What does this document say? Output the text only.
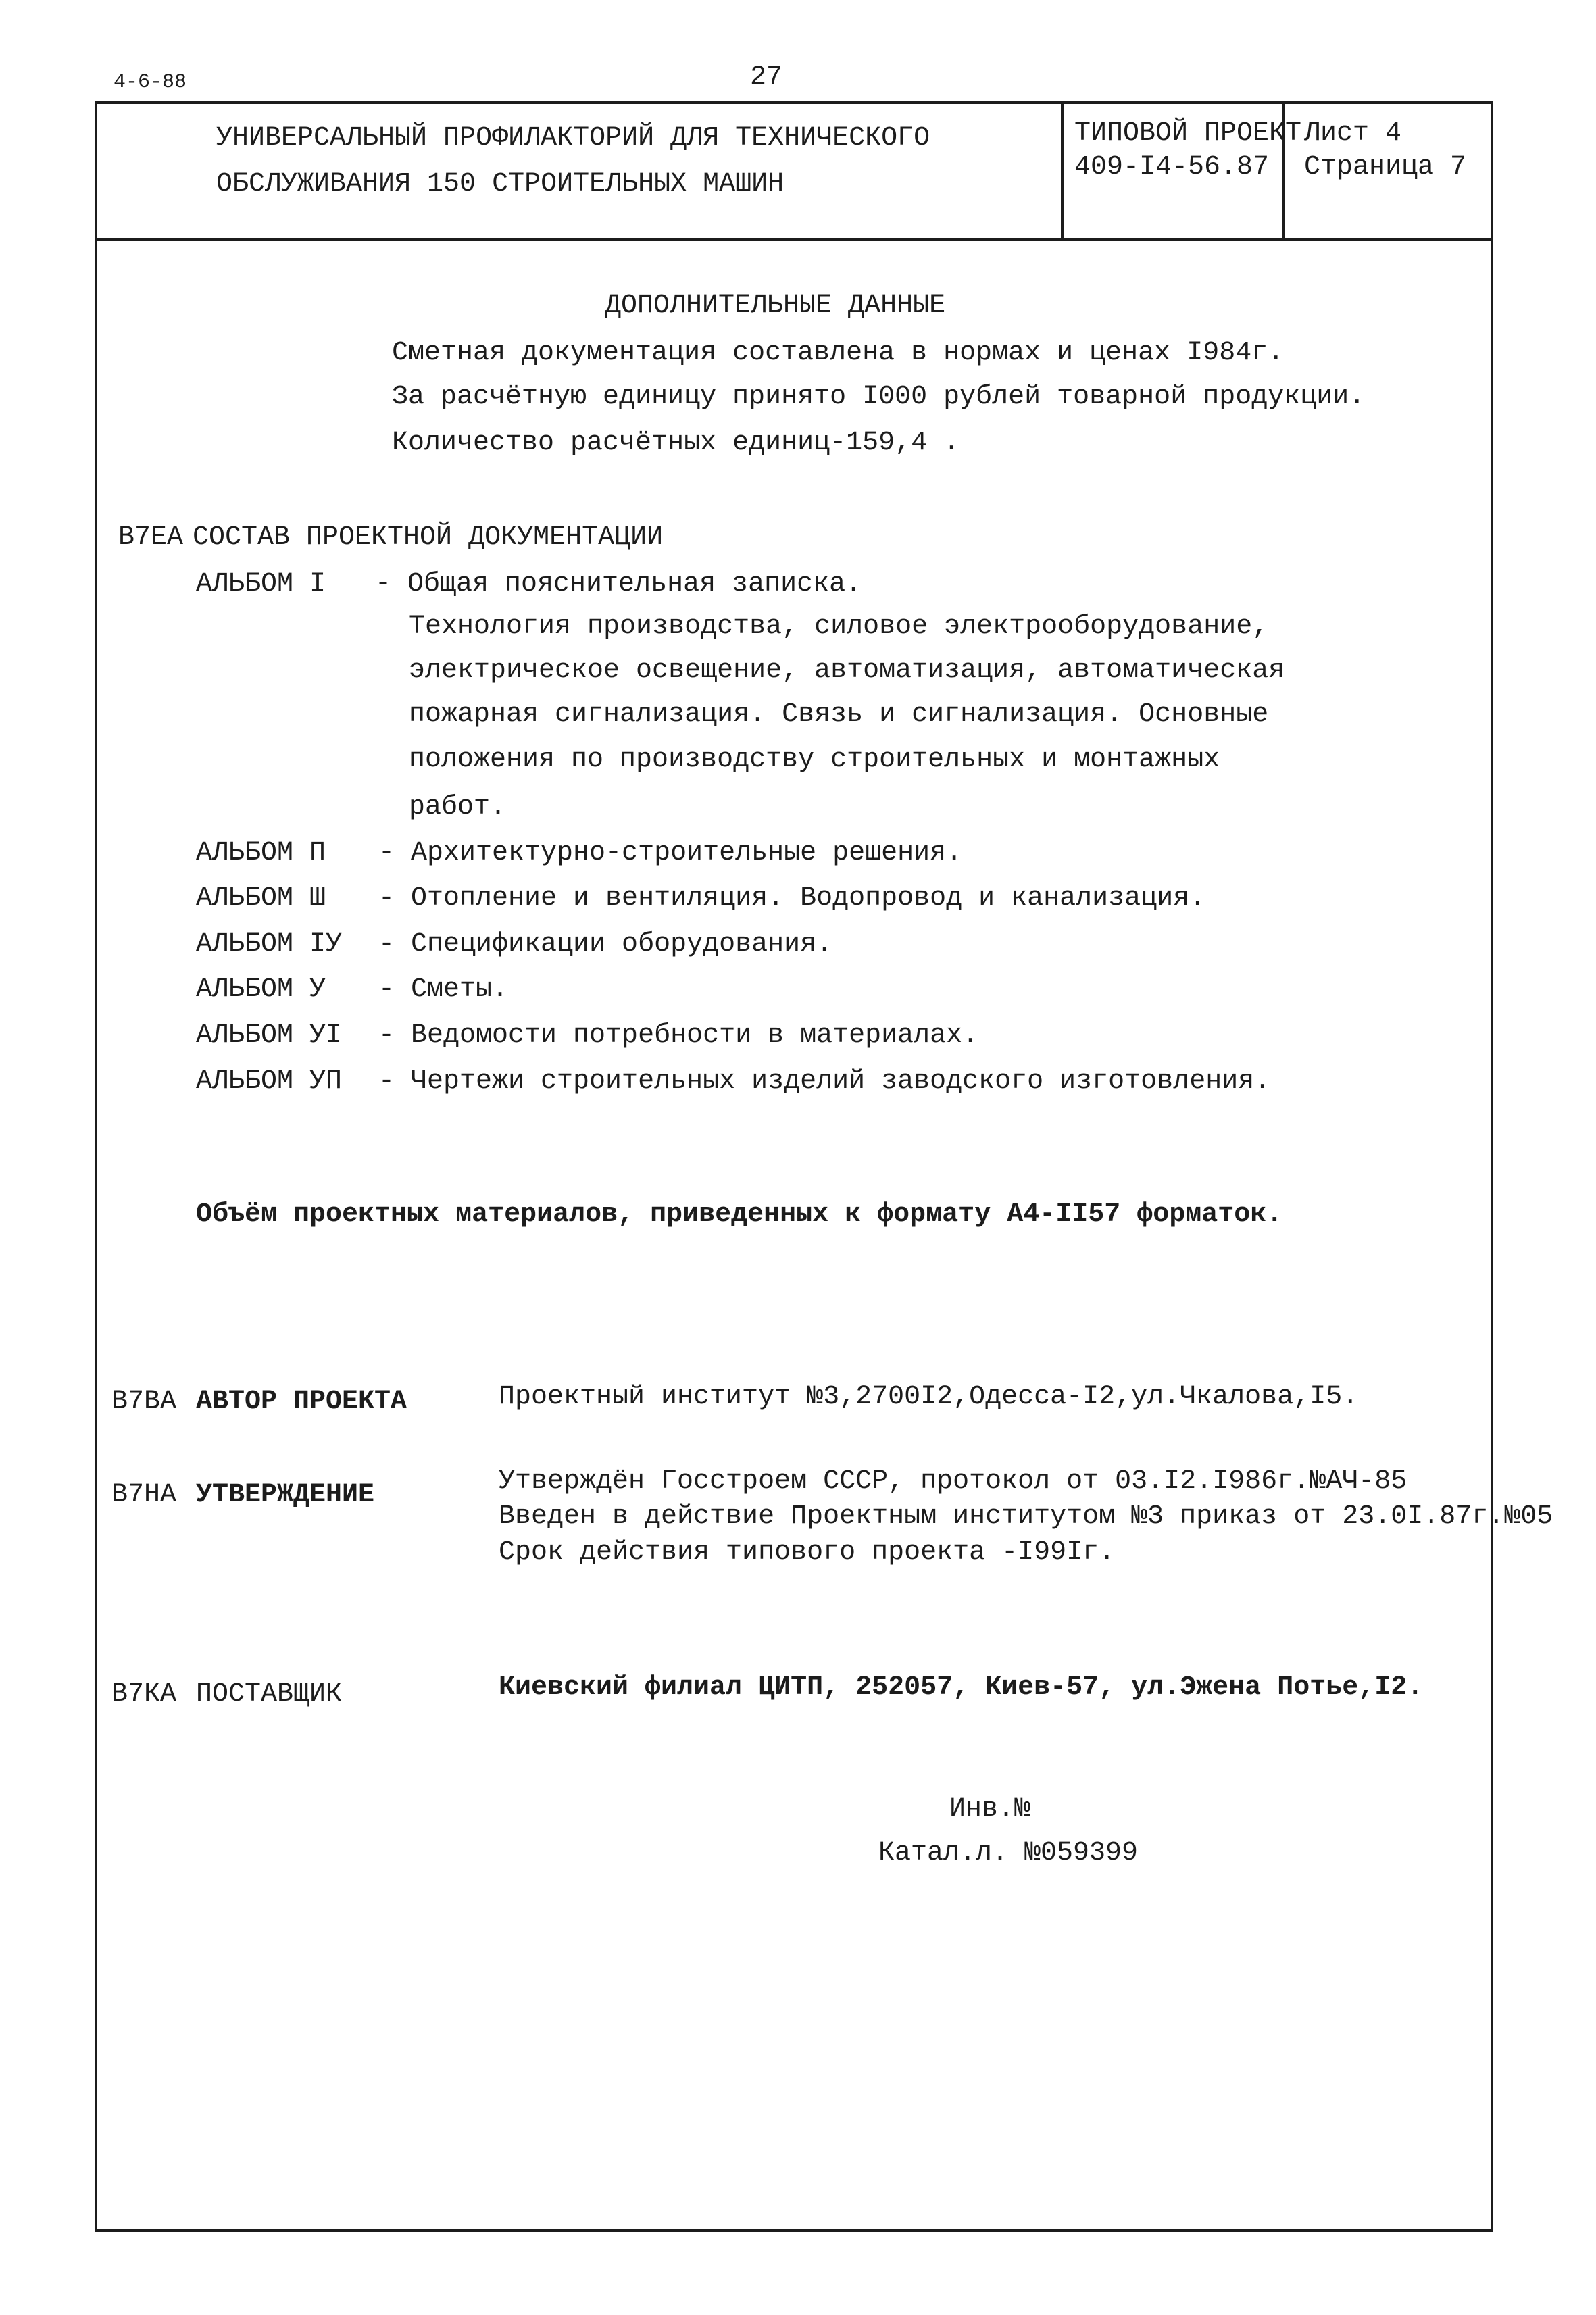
4-6-88	27
УНИВЕРСАЛЬНЫЙ ПРОФИЛАКТОРИЙ ДЛЯ ТЕХНИЧЕСКОГО
ОБСЛУЖИВАНИЯ 150 СТРОИТЕЛЬНЫХ МАШИН
ТИПОВОЙ ПРОЕКТ
409-I4-56.87
Лист 4
Страница 7
ДОПОЛНИТЕЛЬНЫЕ ДАННЫЕ
Сметная документация составлена в нормах и ценах I984г.
За расчётную единицу принято I000 рублей товарной продукции.
Количество расчётных единиц-159,4 .
В7ЕА СОСТАВ ПРОЕКТНОЙ ДОКУМЕНТАЦИИ
АЛЬБОМ I - Общая пояснительная записка.
Технология производства, силовое электрооборудование,
электрическое освещение, автоматизация, автоматическая
пожарная сигнализация. Связь и сигнализация. Основные
положения по производству строительных и монтажных
работ.
АЛЬБОМ П - Архитектурно-строительные решения.
АЛЬБОМ Ш - Отопление и вентиляция. Водопровод и канализация.
АЛЬБОМ IУ - Спецификации оборудования.
АЛЬБОМ У - Сметы.
АЛЬБОМ УI - Ведомости потребности в материалах.
АЛЬБОМ УП - Чертежи строительных изделий заводского изготовления.
Объём проектных материалов, приведенных к формату А4-II57 форматок.
В7ВА АВТОР ПРОЕКТА	Проектный институт №3,2700I2,Одесса-I2,ул.Чкалова,I5.
В7НА УТВЕРЖДЕНИЕ	Утверждён Госстроем СССР, протокол от 03.I2.I986г.№АЧ-85
Введен в действие Проектным институтом №3 приказ от 23.0I.87г.№05
Срок действия типового проекта -I99Iг.
В7КА ПОСТАВЩИК	Киевский филиал ЦИТП, 252057, Киев-57, ул.Эжена Потье,I2.
Инв.№
Катал.л. №059399
